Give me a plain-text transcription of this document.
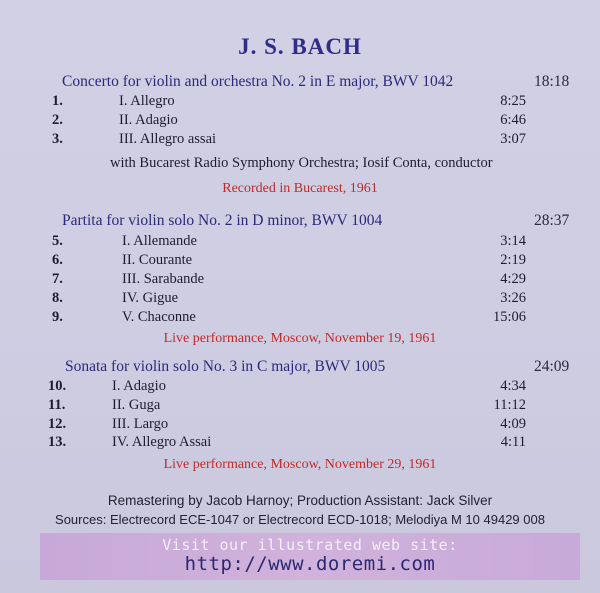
J. S. BACH
Concerto for violin and orchestra No. 2 in E major, BWV 1042	18:18
1.	I. Allegro	8:25
2.	II. Adagio	6:46
3.	III. Allegro assai	3:07
with Bucarest Radio Symphony Orchestra; Iosif Conta, conductor
Recorded in Bucarest, 1961
Partita for violin solo No. 2 in D minor, BWV 1004	28:37
5.	I. Allemande	3:14
6.	II. Courante	2:19
7.	III. Sarabande	4:29
8.	IV. Gigue	3:26
9.	V. Chaconne	15:06
Live performance, Moscow, November 19, 1961
Sonata for violin solo No. 3 in C major, BWV 1005	24:09
10.	I. Adagio	4:34
11.	II. Guga	11:12
12.	III. Largo	4:09
13.	IV. Allegro Assai	4:11
Live performance, Moscow, November 29, 1961
Remastering by Jacob Harnoy; Production Assistant: Jack Silver
Sources: Electrecord ECE-1047 or Electrecord ECD-1018; Melodiya M 10 49429 008
Visit our illustrated web site:
http://www.doremi.com
